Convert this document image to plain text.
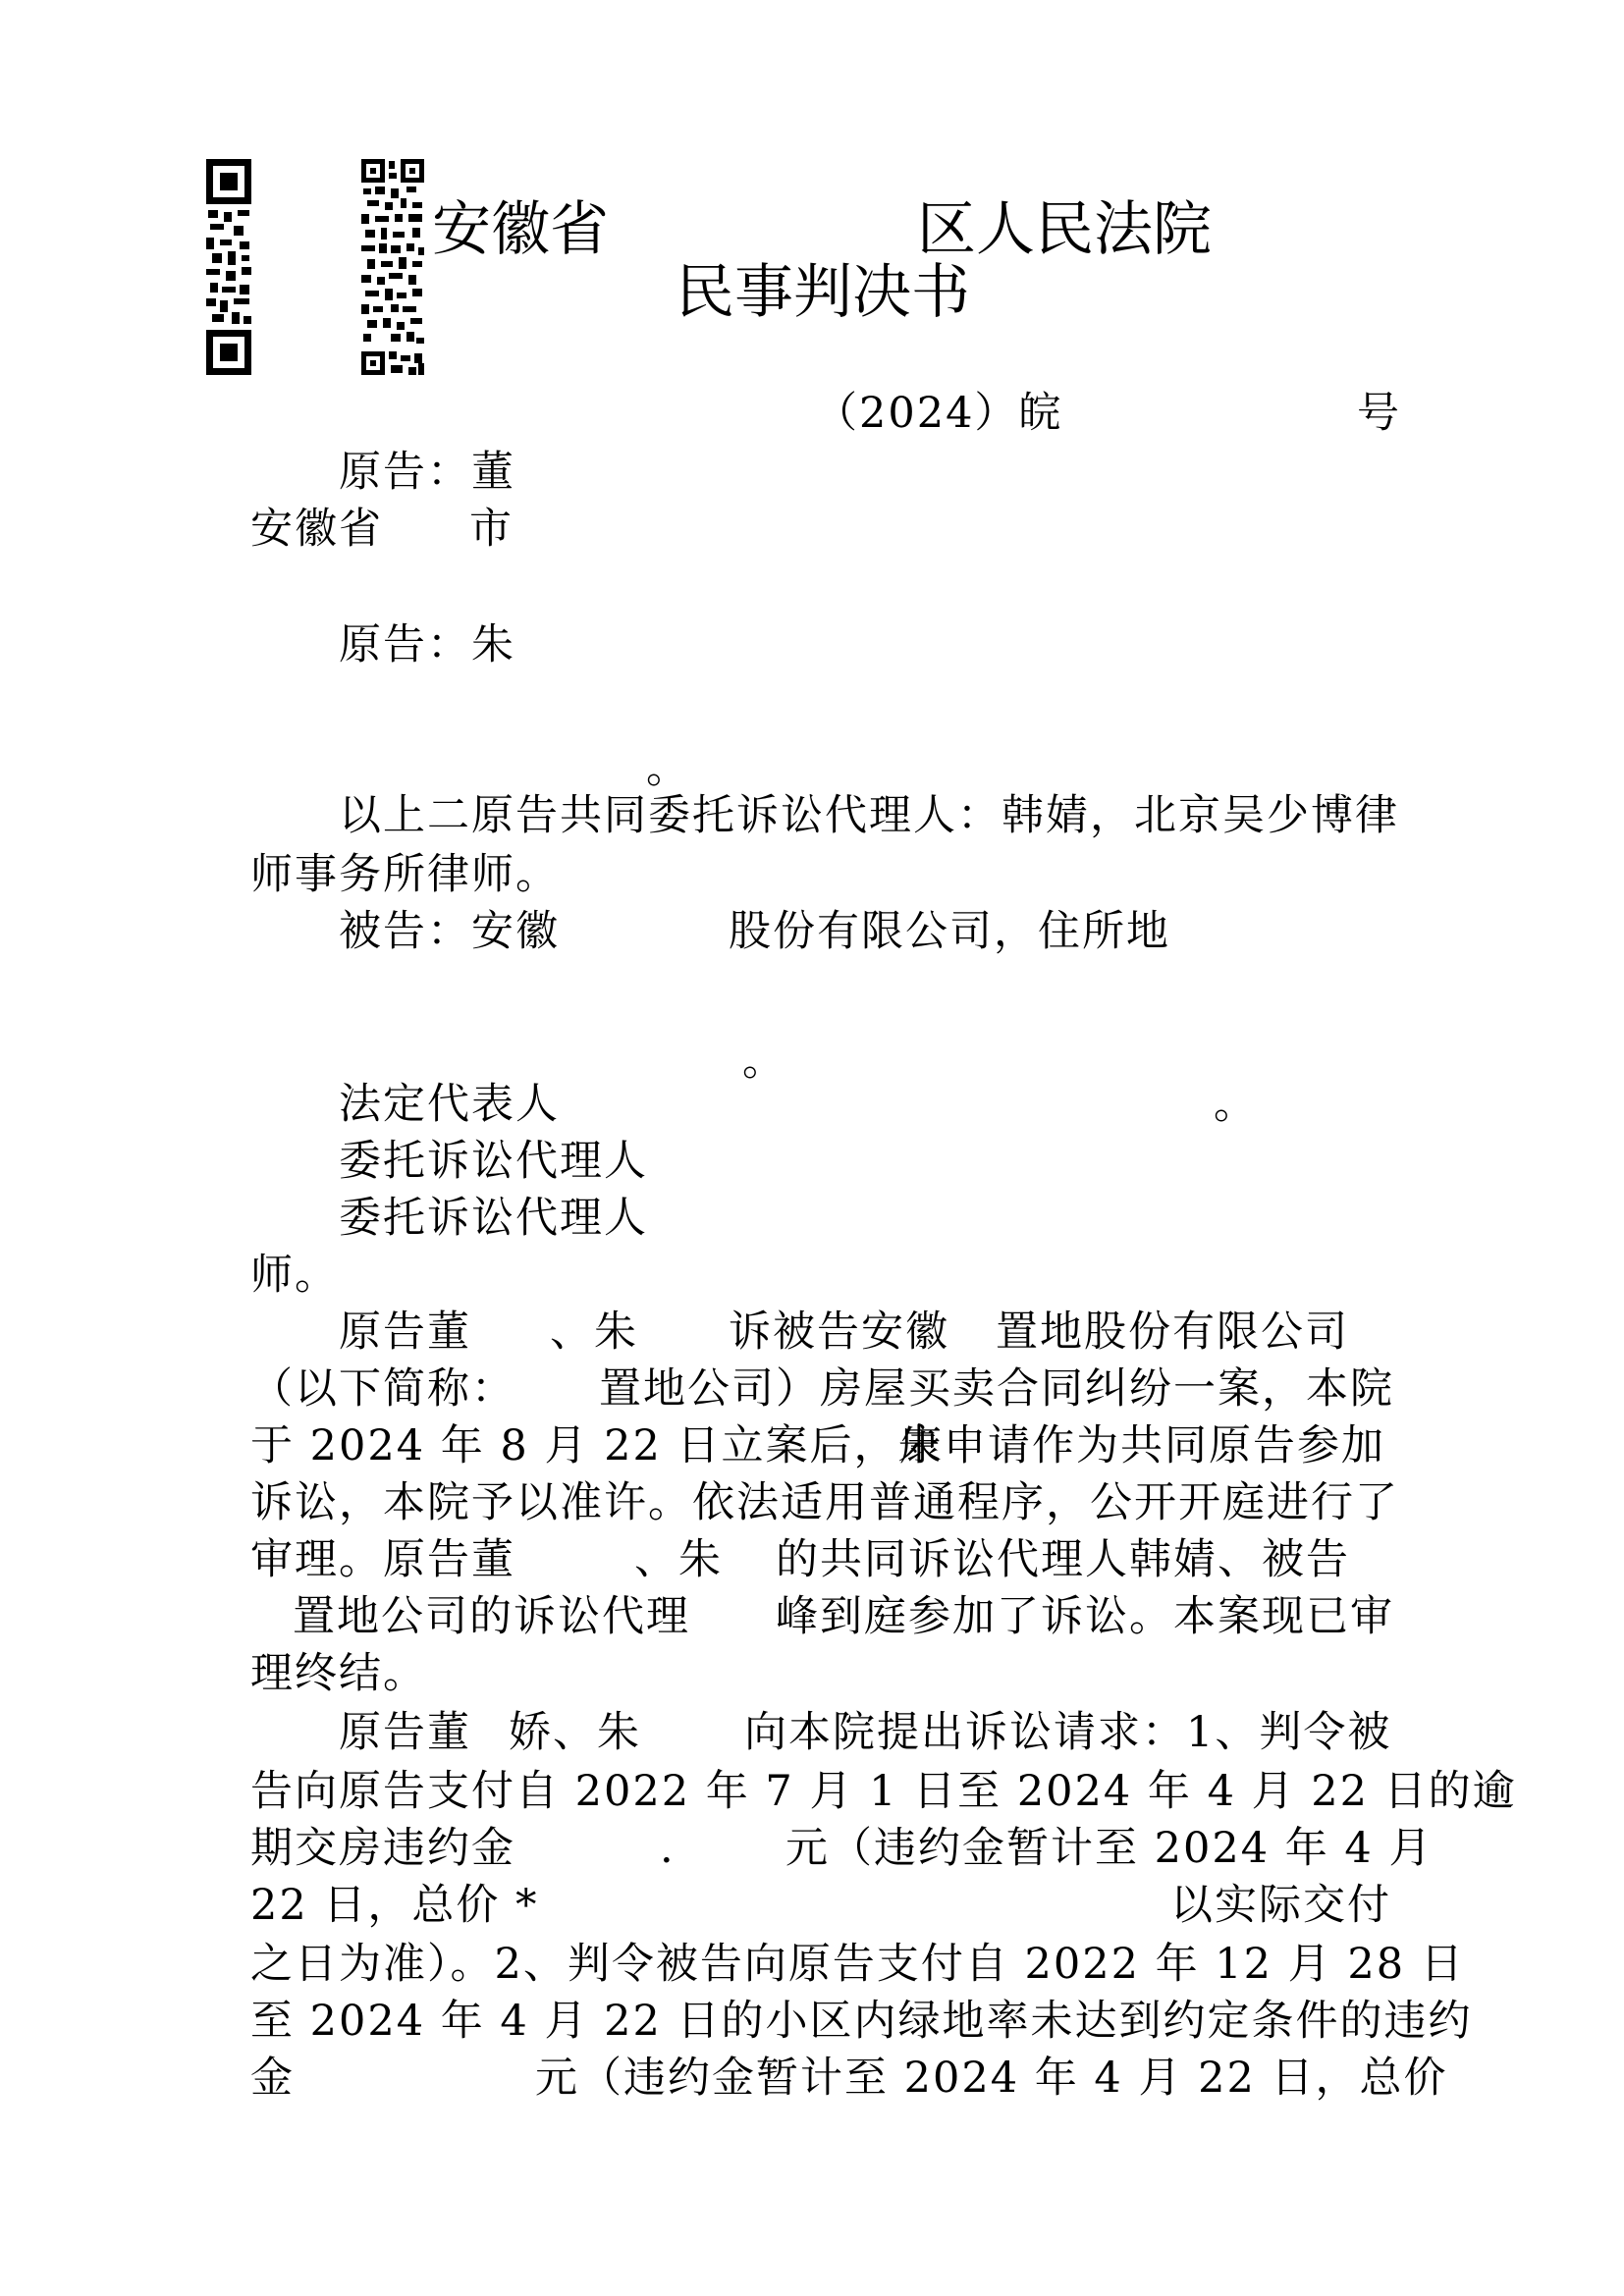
安徽省	区人民法院
民事判决书
（2024）皖	号
原告：董
安徽省 市
原告：朱
。
以上二原告共同委托诉讼代理人：韩婧，北京吴少博律
师事务所律师。
被告：安徽	股份有限公司，住所地
。
法定代表人	。
委托诉讼代理人
委托诉讼代理人
师。
原告董 、朱 诉被告安徽 置地股份有限公司
（以下简称： 置地公司）房屋买卖合同纠纷一案，本院
于 2024 年 8 月 22 日立案后，朱
康申请作为共同原告参加
诉讼，本院予以准许。依法适用普通程序，公开开庭进行了
审理。原告董	、朱 的共同诉讼代理人韩婧、被告
置地公司的诉讼代理 峰到庭参加了诉讼。本案现已审
理终结。
原告董 娇、朱 向本院提出诉讼请求：1、判令被
告向原告支付自 2022 年 7 月 1 日至 2024 年 4 月 22 日的逾
期交房违约金	.	元（违约金暂计至 2024 年 4 月
22 日，总价 *	以实际交付
之日为准）。2、判令被告向原告支付自 2022 年 12 月 28 日
至 2024 年 4 月 22 日的小区内绿地率未达到约定条件的违约
金	元（违约金暂计至 2024 年 4 月 22 日，总价
